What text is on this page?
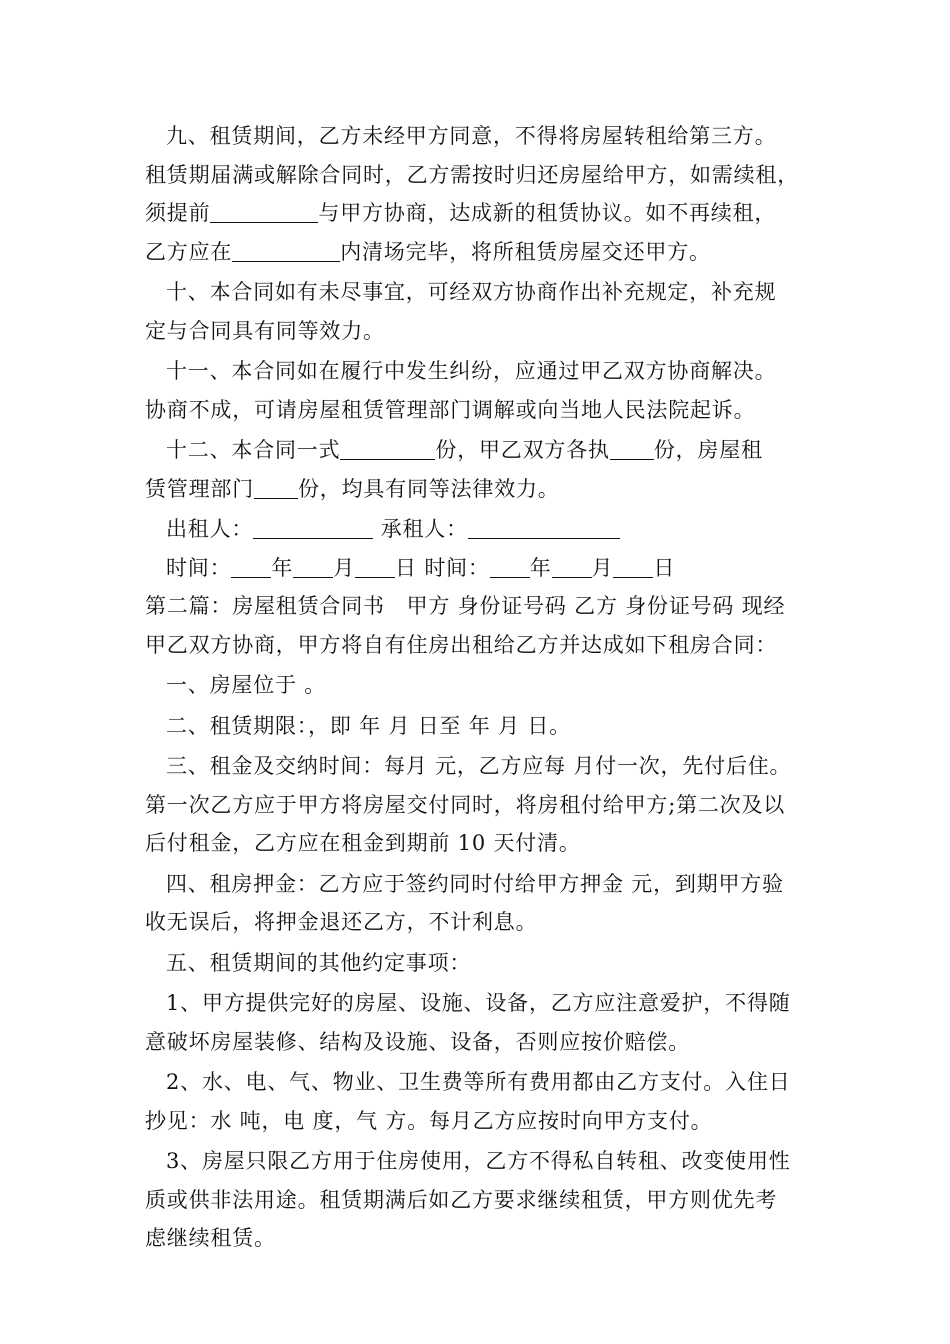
九、租赁期间，乙方未经甲方同意，不得将房屋转租给第三方。

租赁期届满或解除合同时，乙方需按时归还房屋给甲方，如需续租，

须提前	与甲方协商，达成新的租赁协议。如不再续租，

乙方应在	内清场完毕，将所租赁房屋交还甲方。

十、本合同如有未尽事宜，可经双方协商作出补充规定，补充规

定与合同具有同等效力。

十一、本合同如在履行中发生纠纷，应通过甲乙双方协商解决。

协商不成，可请房屋租赁管理部门调解或向当地人民法院起诉。

十二、本合同一式	份，甲乙双方各执 份，房屋租

赁管理部门 份，均具有同等法律效力。

出租人：	承租人：

时间： 年 月 日 时间： 年 月 日

第二篇：房屋租赁合同书　甲方 身份证号码 乙方 身份证号码 现经

甲乙双方协商，甲方将自有住房出租给乙方并达成如下租房合同：

一、房屋位于 。

二、租赁期限：，即 年 月 日至 年 月 日。

三、租金及交纳时间：每月 元，乙方应每 月付一次，先付后住。

第一次乙方应于甲方将房屋交付同时，将房租付给甲方;第二次及以

后付租金，乙方应在租金到期前 10 天付清。

四、租房押金：乙方应于签约同时付给甲方押金 元，到期甲方验

收无误后，将押金退还乙方，不计利息。

五、租赁期间的其他约定事项：

1、甲方提供完好的房屋、设施、设备，乙方应注意爱护，不得随

意破坏房屋装修、结构及设施、设备，否则应按价赔偿。

2、水、电、气、物业、卫生费等所有费用都由乙方支付。入住日

抄见：水 吨，电 度，气 方。每月乙方应按时向甲方支付。

3、房屋只限乙方用于住房使用，乙方不得私自转租、改变使用性

质或供非法用途。租赁期满后如乙方要求继续租赁，甲方则优先考

虑继续租赁。
